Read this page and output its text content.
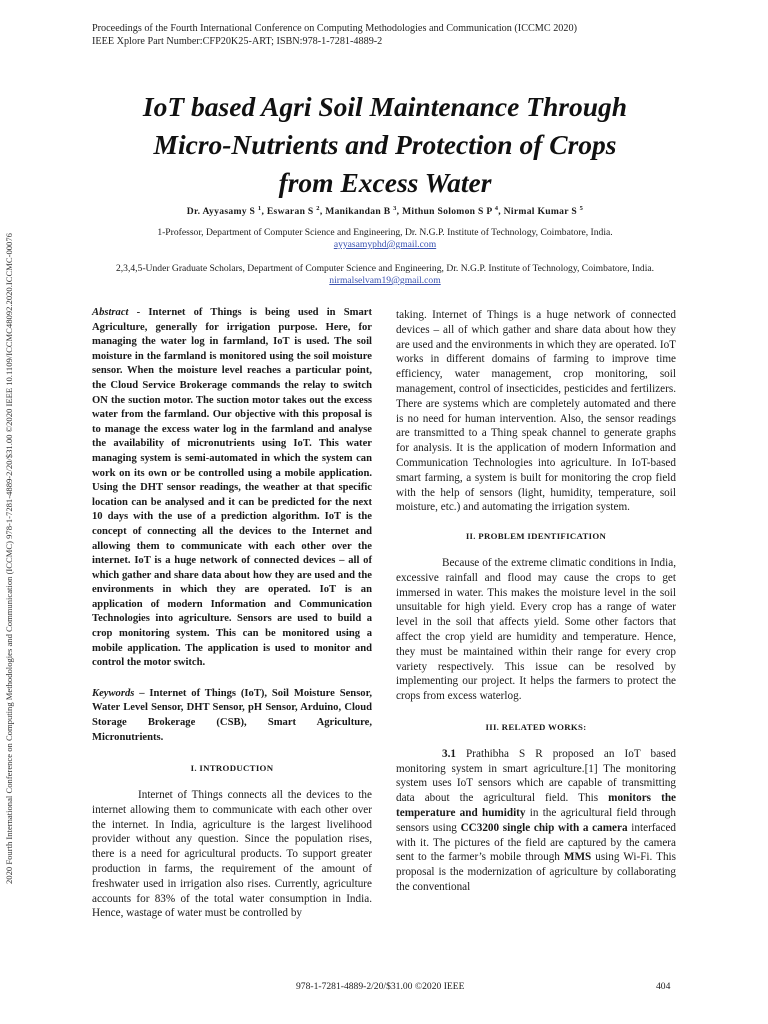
Proceedings of the Fourth International Conference on Computing Methodologies and Communication (ICCMC 2020)
IEEE Xplore Part Number:CFP20K25-ART; ISBN:978-1-7281-4889-2
2020 Fourth International Conference on Computing Methodologies and Communication (ICCMC) 978-1-7281-4889-2/20/$31.00 ©2020 IEEE 10.1109/ICCMC48092.2020.ICCMC-00076
IoT based Agri Soil Maintenance Through
Micro-Nutrients and Protection of Crops
from Excess Water
Dr. Ayyasamy S $^1$, Eswaran S $^2$, Manikandan B $^3$, Mithun Solomon S P $^4$, Nirmal Kumar S $^5$
1-Professor, Department of Computer Science and Engineering, Dr. N.G.P. Institute of Technology, Coimbatore, India.
ayyasamyphd@gmail.com
2,3,4,5-Under Graduate Scholars, Department of Computer Science and Engineering, Dr. N.G.P. Institute of Technology, Coimbatore, India.
nirmalselvam19@gmail.com

Abstract - Internet of Things is being used in Smart Agriculture, generally for irrigation purpose. Here, for managing the water log in farmland, IoT is used. The soil moisture in the farmland is monitored using the soil moisture sensor. When the moisture level reaches a particular point, the Cloud Service Brokerage commands the relay to switch ON the suction motor. The suction motor takes out the excess water from the farmland. Our objective with this proposal is to manage the excess water log in the farmland and analyse the availability of micronutrients using IoT. This water managing system is semi-automated in which the system can work on its own or be controlled using a mobile application. Using the DHT sensor readings, the weather at that specific location can be analysed and it can be predicted for the next 10 days with the use of a prediction algorithm. IoT is the concept of connecting all the devices to the Internet and allowing them to communicate with each other over the internet. IoT is a huge network of connected devices – all of which gather and share data about how they are used and the environments in which they are operated. IoT is an application of modern Information and Communication Technologies into agriculture. Sensors are used to build a crop monitoring system. This can be monitored using a mobile application. The application is used to monitor and control the motor switch.

Keywords – Internet of Things (IoT), Soil Moisture Sensor, Water Level Sensor, DHT Sensor, pH Sensor, Arduino, Cloud Storage Brokerage (CSB), Smart Agriculture, Micronutrients.

I. INTRODUCTION

Internet of Things connects all the devices to the internet allowing them to communicate with each other over the internet. In India, agriculture is the largest livelihood provider without any question. Since the population rises, there is a need for agricultural products. To support greater production in farms, the requirement of the amount of freshwater used in irrigation also rises. Currently, agriculture accounts for 83% of the total water consumption in India. Hence, wastage of water must be controlled by

taking. Internet of Things is a huge network of connected devices – all of which gather and share data about how they are used and the environments in which they are operated. IoT works in different domains of farming to improve time efficiency, water management, crop monitoring, soil management, control of insecticides, pesticides and fertilizers. There are systems which are completely automated and there is no need for human intervention. Also, the sensor readings are transmitted to a Thing speak channel to generate graphs for analysis. It is the application of modern Information and Communication Technologies into agriculture. In IoT-based smart farming, a system is built for monitoring the crop field with the help of sensors (light, humidity, temperature, soil moisture, etc.) and automating the irrigation system.

II. PROBLEM IDENTIFICATION

Because of the extreme climatic conditions in India, excessive rainfall and flood may cause the crops to get immersed in water. This makes the moisture level in the soil unsuitable for high yield. Every crop has a range of water level in the soil that affects yield. Some other factors that affect the crop yield are humidity and temperature. Hence, they must be maintained within their range for every crop variety respectively. This issue can be resolved by implementing our project. It helps the farmers to protect the crops from excess waterlog.

III. RELATED WORKS:

3.1 Prathibha S R proposed an IoT based monitoring system in smart agriculture.[1] The monitoring system uses IoT sensors which are capable of transmitting data about the agricultural field. This monitors the temperature and humidity in the agricultural field through sensors using CC3200 single chip with a camera interfaced with it. The pictures of the field are captured by the camera sent to the farmer’s mobile through MMS using Wi-Fi. This proposal is the modernization of agriculture by collaborating the conventional

978-1-7281-4889-2/20/$31.00 ©2020 IEEE	404
